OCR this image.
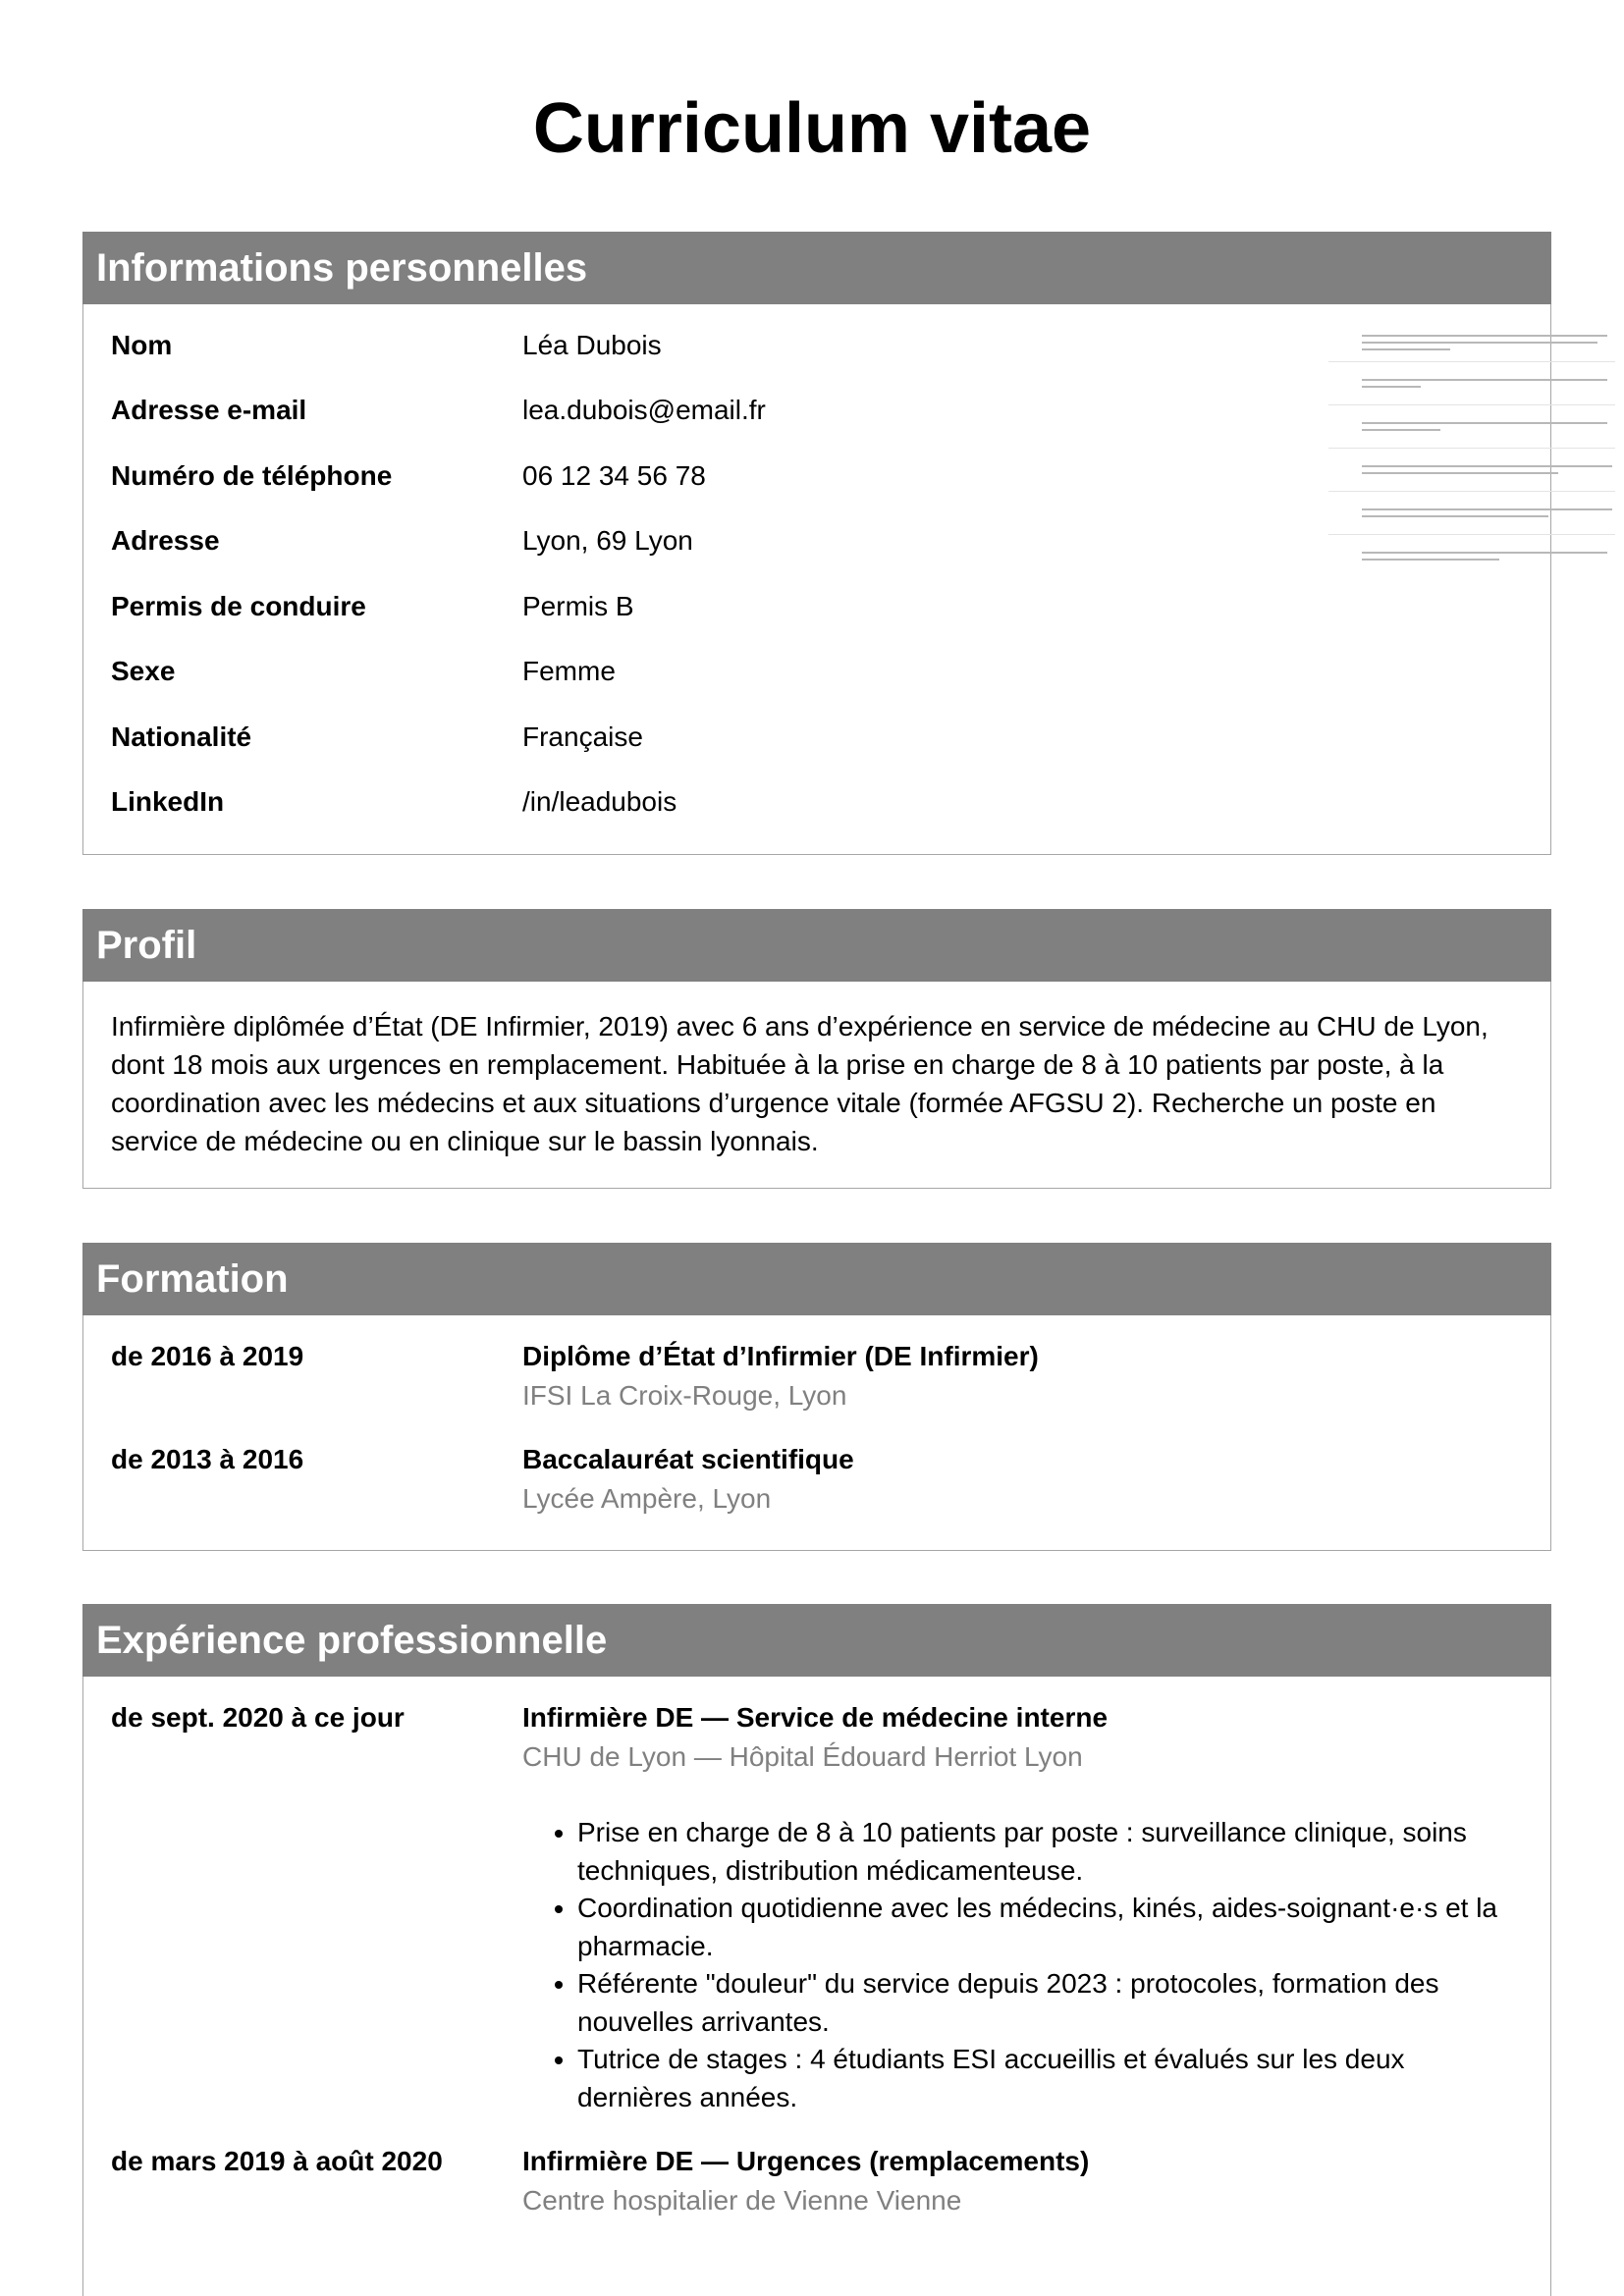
Curriculum vitae
Informations personnelles
Nom	Léa Dubois
Adresse e-mail	lea.dubois@email.fr
Numéro de téléphone	06 12 34 56 78
Adresse	Lyon, 69 Lyon
Permis de conduire	Permis B
Sexe	Femme
Nationalité	Française
LinkedIn	/in/leadubois
Profil

Infirmière diplômée d’État (DE Infirmier, 2019) avec 6 ans d’expérience en service de médecine au CHU de Lyon,
dont 18 mois aux urgences en remplacement. Habituée à la prise en charge de 8 à 10 patients par poste, à la
coordination avec les médecins et aux situations d’urgence vitale (formée AFGSU 2). Recherche un poste en
service de médecine ou en clinique sur le bassin lyonnais.

Formation
de 2016 à 2019	Diplôme d’État d’Infirmier (DE Infirmier)
IFSI La Croix-Rouge, Lyon
de 2013 à 2016	Baccalauréat scientifique
Lycée Ampère, Lyon
Expérience professionnelle
de sept. 2020 à ce jour	Infirmière DE — Service de médecine interne
CHU de Lyon — Hôpital Édouard Herriot Lyon
• Prise en charge de 8 à 10 patients par poste : surveillance clinique, soins
techniques, distribution médicamenteuse.
• Coordination quotidienne avec les médecins, kinés, aides-soignant·e·s et la
pharmacie.
• Référente "douleur" du service depuis 2023 : protocoles, formation des
nouvelles arrivantes.
• Tutrice de stages : 4 étudiants ESI accueillis et évalués sur les deux
dernières années.
de mars 2019 à août 2020	Infirmière DE — Urgences (remplacements)
Centre hospitalier de Vienne Vienne
